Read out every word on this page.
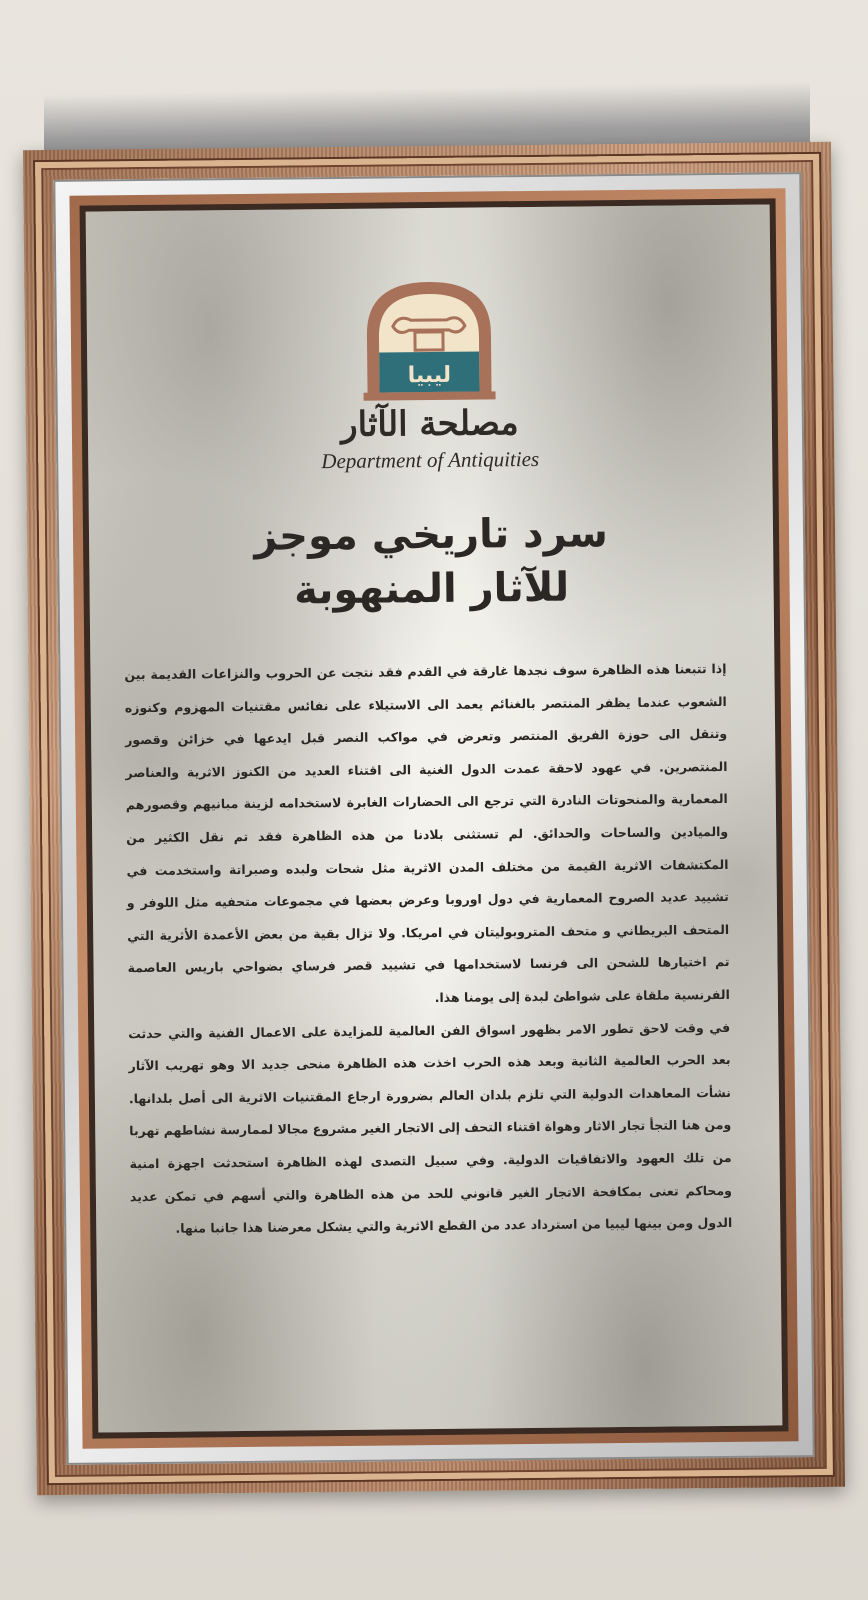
ليبيا
مصلحة الآثار
Department of Antiquities
سرد تاريخي موجز
للآثار المنهوبة

إذا تتبعنا هذه الظاهرة سوف نجدها غارقة في القدم فقد نتجت عن الحروب والنزاعات القديمة بين الشعوب عندما يظفر المنتصر بالغنائم يعمد الى الاستيلاء على نفائس مقتنيات المهزوم وكنوزه وتنقل الى حوزة الفريق المنتصر وتعرض في مواكب النصر قبل ايدعها في خزائن وقصور المنتصرين. في عهود لاحقة عمدت الدول الغنية الى اقتناء العديد من الكنوز الاثرية والعناصر المعمارية والمنحوتات النادرة التي ترجع الى الحضارات الغابرة لاستخدامه لزينة مبانيهم وقصورهم والميادين والساحات والحدائق. لم تستثنى بلادنا من هذه الظاهرة فقد تم نقل الكثير من المكتشفات الاثرية القيمة من مختلف المدن الاثرية مثل شحات ولبده وصبراتة واستخدمت في تشييد عديد الصروح المعمارية في دول اوروبا وعرض بعضها في مجموعات متحفيه مثل اللوفر و المتحف البريطاني و متحف المتروبوليتان في امريكا. ولا تزال بقية من بعض الأعمدة الأثرية التي تم اختيارها للشحن الى فرنسا لاستخدامها في تشييد قصر فرساي بضواحي باريس العاصمة الفرنسية ملقاة على شواطئ لبدة إلى يومنا هذا.

في وقت لاحق تطور الامر بظهور اسواق الفن العالمية للمزايدة على الاعمال الفنية والتي حدثت بعد الحرب العالمية الثانية وبعد هذه الحرب اخذت هذه الظاهرة منحى جديد الا وهو تهريب الآثار نشأت المعاهدات الدولية التي تلزم بلدان العالم بضرورة ارجاع المقتنيات الاثرية الى أصل بلدانها. ومن هنا التجأ تجار الاثار وهواة اقتناء التحف إلى الاتجار الغير مشروع مجالا لممارسة نشاطهم تهربا من تلك العهود والاتفاقيات الدولية. وفي سبيل التصدى لهذه الظاهرة استحدثت اجهزة امنية ومحاكم تعنى بمكافحة الاتجار الغير قانوني للحد من هذه الظاهرة والتي أسهم في تمكن عديد الدول ومن بينها ليبيا من استرداد عدد من القطع الاثرية والتي يشكل معرضنا هذا جانبا منها.
